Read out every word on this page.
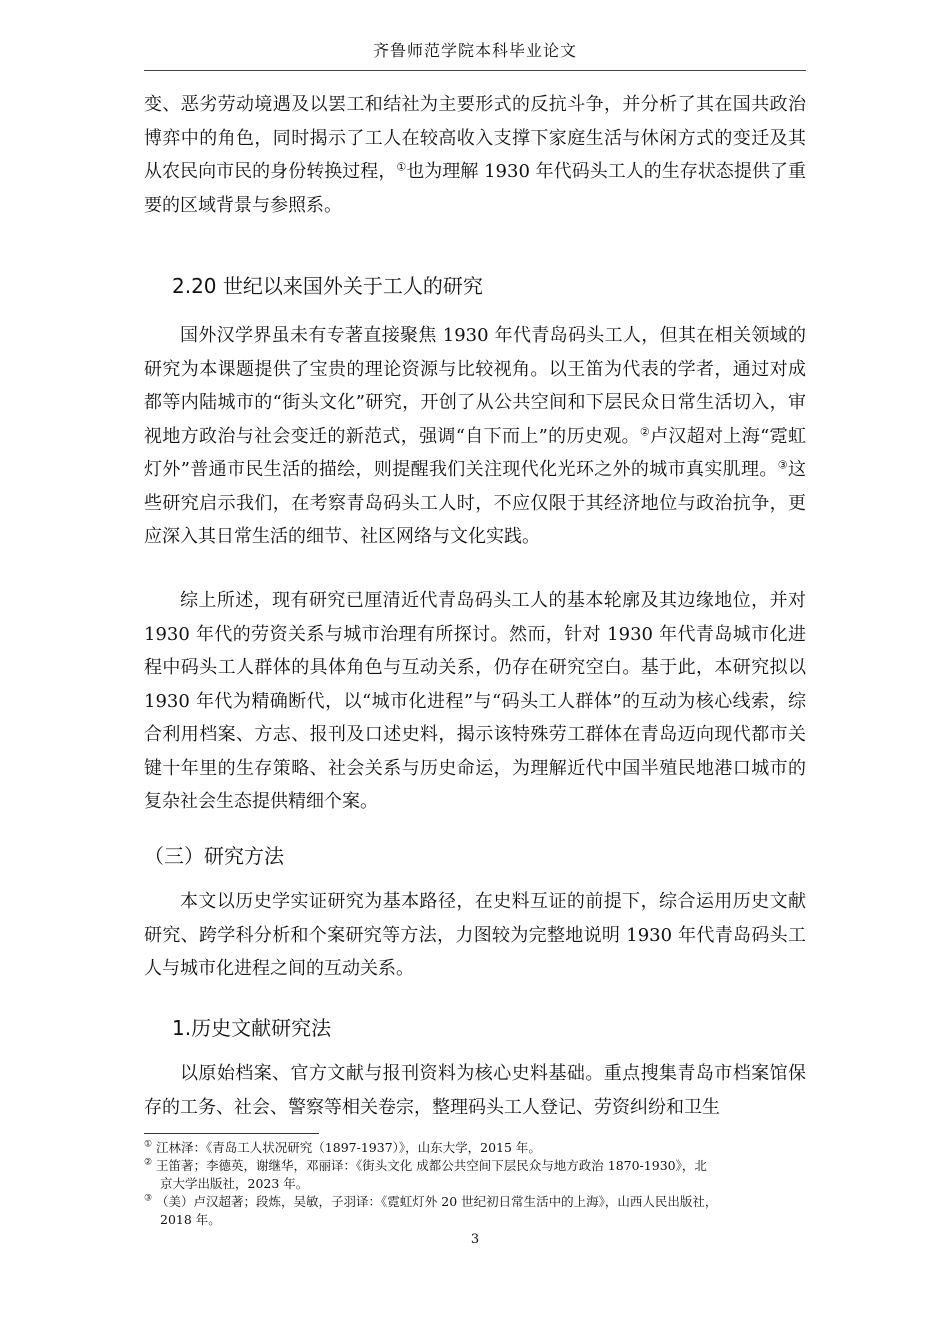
齐鲁师范学院本科毕业论文

变、恶劣劳动境遇及以罢工和结社为主要形式的反抗斗争，并分析了其在国共政治博弈中的角色，同时揭示了工人在较高收入支撑下家庭生活与休闲方式的变迁及其从农民向市民的身份转换过程，①也为理解 1930 年代码头工人的生存状态提供了重要的区域背景与参照系。

2.20 世纪以来国外关于工人的研究

国外汉学界虽未有专著直接聚焦 1930 年代青岛码头工人，但其在相关领域的研究为本课题提供了宝贵的理论资源与比较视角。以王笛为代表的学者，通过对成都等内陆城市的“街头文化”研究，开创了从公共空间和下层民众日常生活切入，审视地方政治与社会变迁的新范式，强调“自下而上”的历史观。②卢汉超对上海“霓虹灯外”普通市民生活的描绘，则提醒我们关注现代化光环之外的城市真实肌理。③这些研究启示我们，在考察青岛码头工人时，不应仅限于其经济地位与政治抗争，更应深入其日常生活的细节、社区网络与文化实践。

综上所述，现有研究已厘清近代青岛码头工人的基本轮廓及其边缘地位，并对 1930 年代的劳资关系与城市治理有所探讨。然而，针对 1930 年代青岛城市化进程中码头工人群体的具体角色与互动关系，仍存在研究空白。基于此，本研究拟以 1930 年代为精确断代，以“城市化进程”与“码头工人群体”的互动为核心线索，综合利用档案、方志、报刊及口述史料，揭示该特殊劳工群体在青岛迈向现代都市关键十年里的生存策略、社会关系与历史命运，为理解近代中国半殖民地港口城市的复杂社会生态提供精细个案。

（三）研究方法

本文以历史学实证研究为基本路径，在史料互证的前提下，综合运用历史文献研究、跨学科分析和个案研究等方法，力图较为完整地说明 1930 年代青岛码头工人与城市化进程之间的互动关系。

1.历史文献研究法

以原始档案、官方文献与报刊资料为核心史料基础。重点搜集青岛市档案馆保存的工务、社会、警察等相关卷宗，整理码头工人登记、劳资纠纷和卫生

① 江林泽：《青岛工人状况研究（1897-1937）》，山东大学，2015 年。

② 王笛著；李德英，谢继华，邓丽译：《街头文化 成都公共空间下层民众与地方政治 1870-1930》，北

京大学出版社，2023 年。

③ （美）卢汉超著；段炼，吴敏，子羽译：《霓虹灯外 20 世纪初日常生活中的上海》，山西人民出版社，

2018 年。

3
